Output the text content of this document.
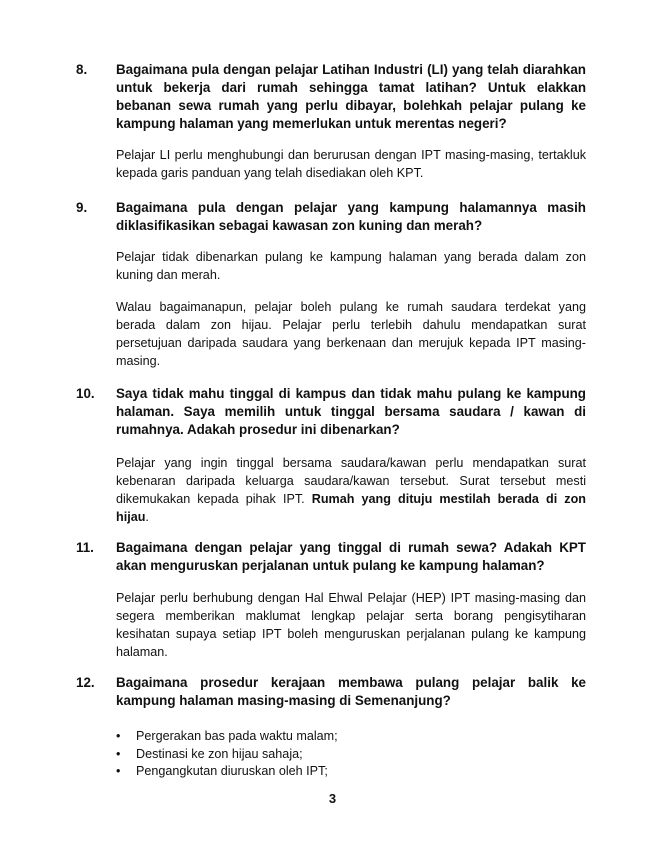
8. Bagaimana pula dengan pelajar Latihan Industri (LI) yang telah diarahkan untuk bekerja dari rumah sehingga tamat latihan? Untuk elakkan bebanan sewa rumah yang perlu dibayar, bolehkah pelajar pulang ke kampung halaman yang memerlukan untuk merentas negeri?
Pelajar LI perlu menghubungi dan berurusan dengan IPT masing-masing, tertakluk kepada garis panduan yang telah disediakan oleh KPT.
9. Bagaimana pula dengan pelajar yang kampung halamannya masih diklasifikasikan sebagai kawasan zon kuning dan merah?
Pelajar tidak dibenarkan pulang ke kampung halaman yang berada dalam zon kuning dan merah.
Walau bagaimanapun, pelajar boleh pulang ke rumah saudara terdekat yang berada dalam zon hijau. Pelajar perlu terlebih dahulu mendapatkan surat persetujuan daripada saudara yang berkenaan dan merujuk kepada IPT masing-masing.
10. Saya tidak mahu tinggal di kampus dan tidak mahu pulang ke kampung halaman. Saya memilih untuk tinggal bersama saudara / kawan di rumahnya. Adakah prosedur ini dibenarkan?
Pelajar yang ingin tinggal bersama saudara/kawan perlu mendapatkan surat kebenaran daripada keluarga saudara/kawan tersebut. Surat tersebut mesti dikemukakan kepada pihak IPT. Rumah yang dituju mestilah berada di zon hijau.
11. Bagaimana dengan pelajar yang tinggal di rumah sewa? Adakah KPT akan menguruskan perjalanan untuk pulang ke kampung halaman?
Pelajar perlu berhubung dengan Hal Ehwal Pelajar (HEP) IPT masing-masing dan segera memberikan maklumat lengkap pelajar serta borang pengisytiharan kesihatan supaya setiap IPT boleh menguruskan perjalanan pulang ke kampung halaman.
12. Bagaimana prosedur kerajaan membawa pulang pelajar balik ke kampung halaman masing-masing di Semenanjung?
• Pergerakan bas pada waktu malam;
• Destinasi ke zon hijau sahaja;
• Pengangkutan diuruskan oleh IPT;
3
